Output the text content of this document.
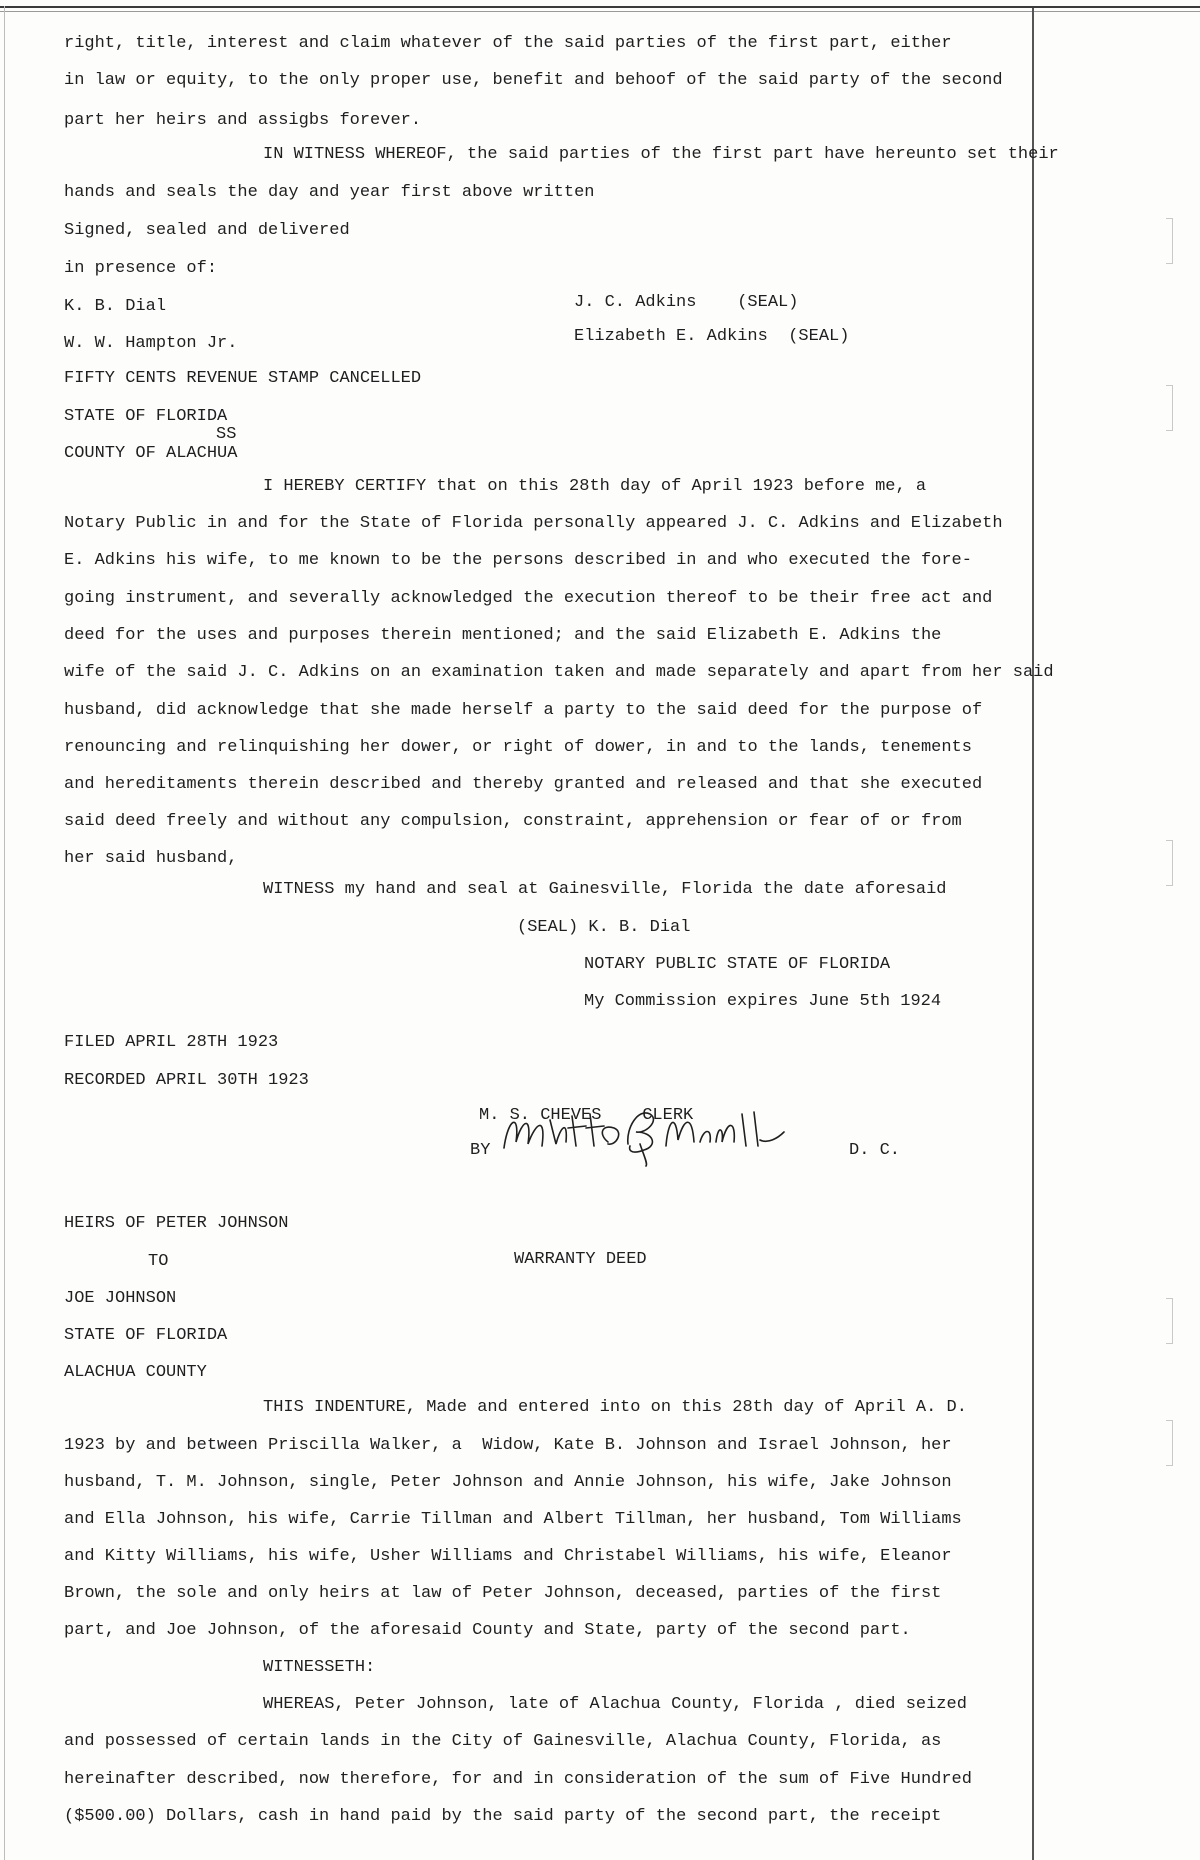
right, title, interest and claim whatever of the said parties of the first part, either
in law or equity, to the only proper use, benefit and behoof of the said party of the second
part her heirs and assigbs forever.
IN WITNESS WHEREOF, the said parties of the first part have hereunto set their
hands and seals the day and year first above written
Signed, sealed and delivered
in presence of:
K. B. Dial	J. C. Adkins    (SEAL)
W. W. Hampton Jr.	Elizabeth E. Adkins  (SEAL)
FIFTY CENTS REVENUE STAMP CANCELLED
STATE OF FLORIDA
SS
COUNTY OF ALACHUA
I HEREBY CERTIFY that on this 28th day of April 1923 before me, a
Notary Public in and for the State of Florida personally appeared J. C. Adkins and Elizabeth
E. Adkins his wife, to me known to be the persons described in and who executed the fore-
going instrument, and severally acknowledged the execution thereof to be their free act and
deed for the uses and purposes therein mentioned; and the said Elizabeth E. Adkins the
wife of the said J. C. Adkins on an examination taken and made separately and apart from her said
husband, did acknowledge that she made herself a party to the said deed for the purpose of
renouncing and relinquishing her dower, or right of dower, in and to the lands, tenements
and hereditaments therein described and thereby granted and released and that she executed
said deed freely and without any compulsion, constraint, apprehension or fear of or from
her said husband,
WITNESS my hand and seal at Gainesville, Florida the date aforesaid
(SEAL) K. B. Dial
NOTARY PUBLIC STATE OF FLORIDA
My Commission expires June 5th 1924
FILED APRIL 28TH 1923
RECORDED APRIL 30TH 1923
M. S. CHEVES    CLERK
BY	D. C.
HEIRS OF PETER JOHNSON
TO
JOE JOHNSON
WARRANTY DEED
STATE OF FLORIDA
ALACHUA COUNTY
THIS INDENTURE, Made and entered into on this 28th day of April A. D.
1923 by and between Priscilla Walker, a  Widow, Kate B. Johnson and Israel Johnson, her
husband, T. M. Johnson, single, Peter Johnson and Annie Johnson, his wife, Jake Johnson
and Ella Johnson, his wife, Carrie Tillman and Albert Tillman, her husband, Tom Williams
and Kitty Williams, his wife, Usher Williams and Christabel Williams, his wife, Eleanor
Brown, the sole and only heirs at law of Peter Johnson, deceased, parties of the first
part, and Joe Johnson, of the aforesaid County and State, party of the second part.
WITNESSETH:
WHEREAS, Peter Johnson, late of Alachua County, Florida , died seized
and possessed of certain lands in the City of Gainesville, Alachua County, Florida, as
hereinafter described, now therefore, for and in consideration of the sum of Five Hundred
($500.00) Dollars, cash in hand paid by the said party of the second part, the receipt
